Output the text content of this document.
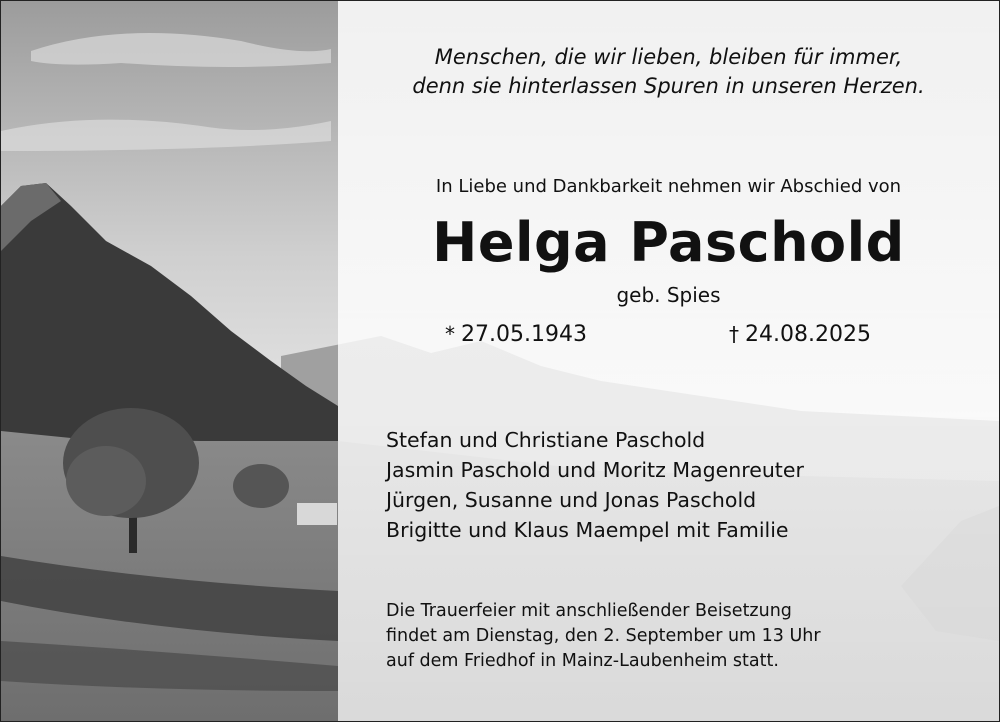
Menschen, die wir lieben, bleiben für immer,
denn sie hinterlassen Spuren in unseren Herzen.
In Liebe und Dankbarkeit nehmen wir Abschied von
Helga Paschold
geb. Spies
* 27.05.1943	† 24.08.2025
Stefan und Christiane Paschold
Jasmin Paschold und Moritz Magenreuter
Jürgen, Susanne und Jonas Paschold
Brigitte und Klaus Maempel mit Familie
Die Trauerfeier mit anschließender Beisetzung
findet am Dienstag, den 2. September um 13 Uhr
auf dem Friedhof in Mainz-Laubenheim statt.
